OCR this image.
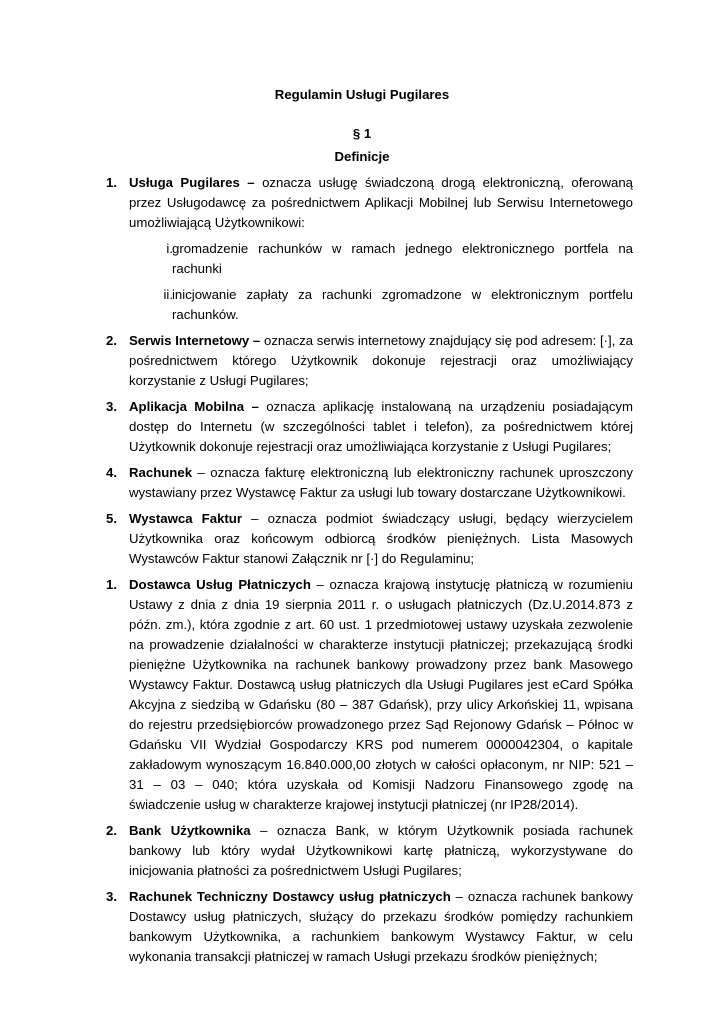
Regulamin Usługi Pugilares
§ 1
Definicje
1. Usługa Pugilares – oznacza usługę świadczoną drogą elektroniczną, oferowaną przez Usługodawcę za pośrednictwem Aplikacji Mobilnej lub Serwisu Internetowego umożliwiającą Użytkownikowi:
i. gromadzenie rachunków w ramach jednego elektronicznego portfela na rachunki
ii. inicjowanie zapłaty za rachunki zgromadzone w elektronicznym portfelu rachunków.
2. Serwis Internetowy – oznacza serwis internetowy znajdujący się pod adresem: [·], za pośrednictwem którego Użytkownik dokonuje rejestracji oraz umożliwiający korzystanie z Usługi Pugilares;
3. Aplikacja Mobilna – oznacza aplikację instalowaną na urządzeniu posiadającym dostęp do Internetu (w szczególności tablet i telefon), za pośrednictwem której Użytkownik dokonuje rejestracji oraz umożliwiająca korzystanie z Usługi Pugilares;
4. Rachunek – oznacza fakturę elektroniczną lub elektroniczny rachunek uproszczony wystawiany przez Wystawcę Faktur za usługi lub towary dostarczane Użytkownikowi.
5. Wystawca Faktur – oznacza podmiot świadczący usługi, będący wierzycielem Użytkownika oraz końcowym odbiorcą środków pieniężnych. Lista Masowych Wystawców Faktur stanowi Załącznik nr [·] do Regulaminu;
1. Dostawca Usług Płatniczych – oznacza krajową instytucję płatniczą w rozumieniu Ustawy z dnia z dnia 19 sierpnia 2011 r. o usługach płatniczych (Dz.U.2014.873 z późn. zm.), która zgodnie z art. 60 ust. 1 przedmiotowej ustawy uzyskała zezwolenie na prowadzenie działalności w charakterze instytucji płatniczej; przekazującą środki pieniężne Użytkownika na rachunek bankowy prowadzony przez bank Masowego Wystawcy Faktur. Dostawcą usług płatniczych dla Usługi Pugilares jest eCard Spółka Akcyjna z siedzibą w Gdańsku (80 – 387 Gdańsk), przy ulicy Arkońskiej 11, wpisana do rejestru przedsiębiorców prowadzonego przez Sąd Rejonowy Gdańsk – Północ w Gdańsku VII Wydział Gospodarczy KRS pod numerem 0000042304, o kapitale zakładowym wynoszącym 16.840.000,00 złotych w całości opłaconym, nr NIP: 521 – 31 – 03 – 040; która uzyskała od Komisji Nadzoru Finansowego zgodę na świadczenie usług w charakterze krajowej instytucji płatniczej (nr IP28/2014).
2. Bank Użytkownika – oznacza Bank, w którym Użytkownik posiada rachunek bankowy lub który wydał Użytkownikowi kartę płatniczą, wykorzystywane do inicjowania płatności za pośrednictwem Usługi Pugilares;
3. Rachunek Techniczny Dostawcy usług płatniczych – oznacza rachunek bankowy Dostawcy usług płatniczych, służący do przekazu środków pomiędzy rachunkiem bankowym Użytkownika, a rachunkiem bankowym Wystawcy Faktur, w celu wykonania transakcji płatniczej w ramach Usługi przekazu środków pieniężnych;
